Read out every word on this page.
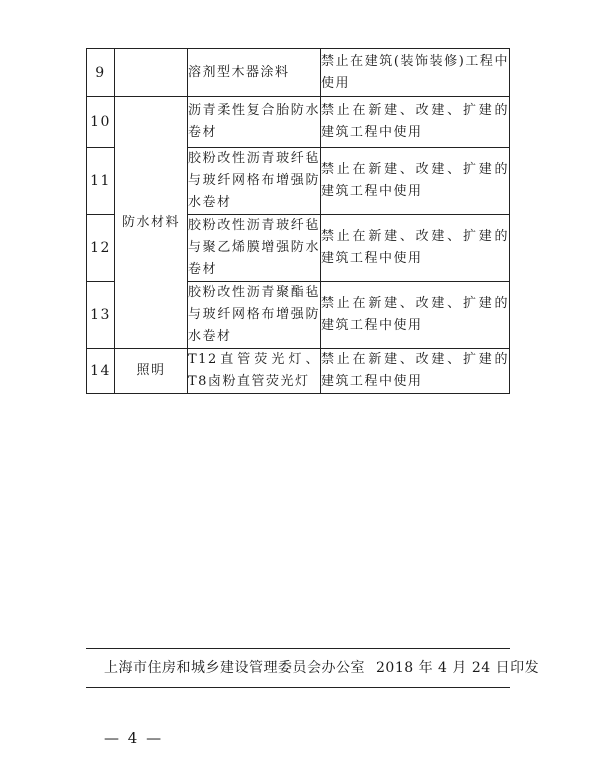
9		溶剂型木器涂料	禁止在建筑(装饰装修)工程中使用
10	防水材料	沥青柔性复合胎防水卷材	禁止在新建、改建、扩建的建筑工程中使用
11		胶粉改性沥青玻纤毡与玻纤网格布增强防水卷材	禁止在新建、改建、扩建的建筑工程中使用
12		胶粉改性沥青玻纤毡与聚乙烯膜增强防水卷材	禁止在新建、改建、扩建的建筑工程中使用
13		胶粉改性沥青聚酯毡与玻纤网格布增强防水卷材	禁止在新建、改建、扩建的建筑工程中使用
14	照明	T12直管荧光灯、T8卤粉直管荧光灯	禁止在新建、改建、扩建的建筑工程中使用
上海市住房和城乡建设管理委员会办公室 2018 年 4 月 24 日印发
— 4 —
